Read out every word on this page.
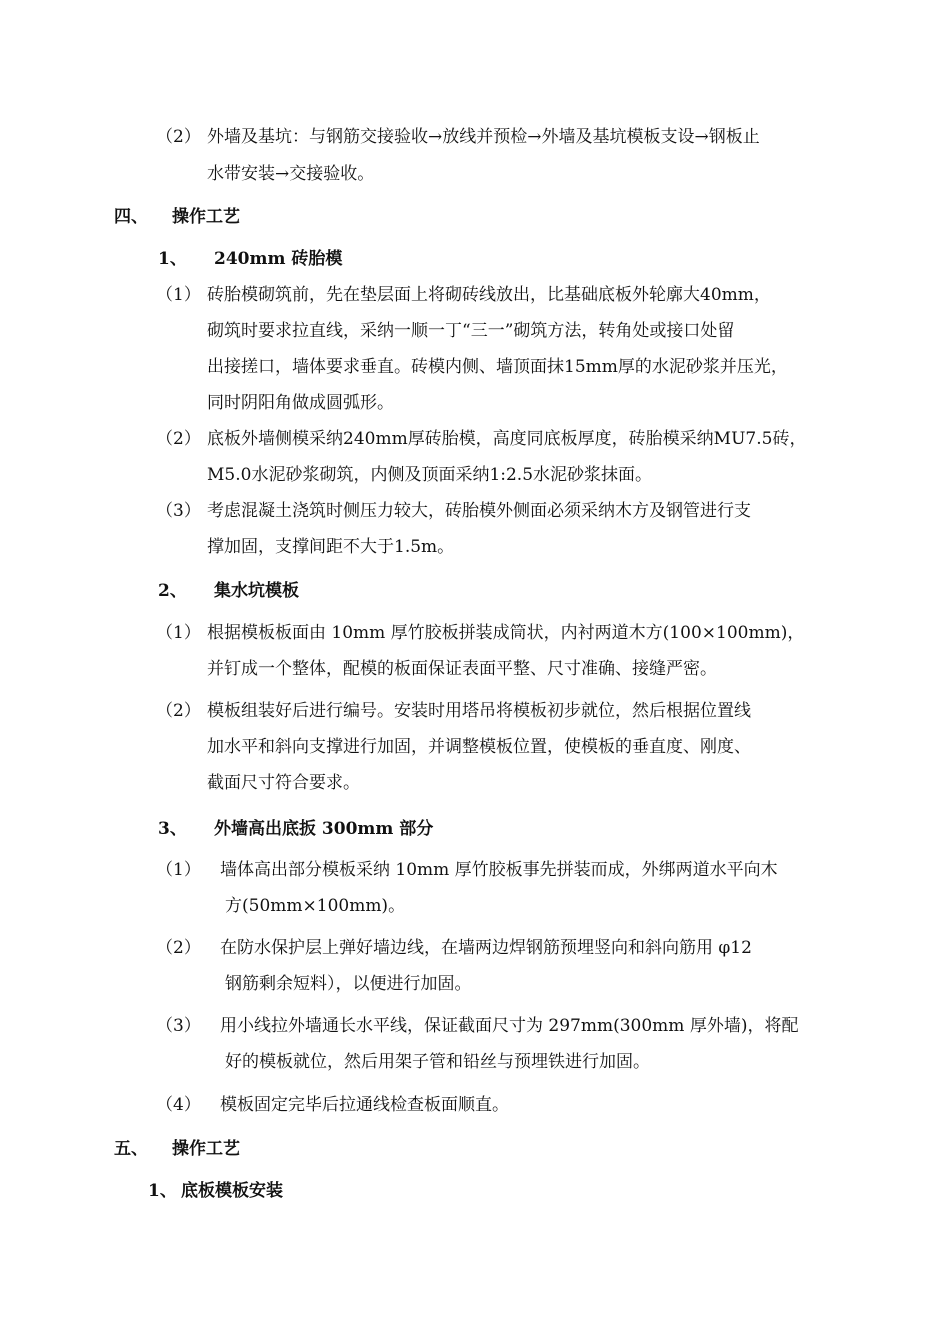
（2） 外墙及基坑：与钢筋交接验收→放线并预检→外墙及基坑模板支设→钢板止
水带安装→交接验收。
四、 操作工艺
1、 240mm 砖胎模
（1） 砖胎模砌筑前，先在垫层面上将砌砖线放出，比基础底板外轮廓大40mm，
砌筑时要求拉直线，采纳一顺一丁“三一”砌筑方法，转角处或接口处留
出接搓口，墙体要求垂直。砖模内侧、墙顶面抹15mm厚的水泥砂浆并压光，
同时阴阳角做成圆弧形。
（2） 底板外墙侧模采纳240mm厚砖胎模，高度同底板厚度，砖胎模采纳MU7.5砖，
M5.0水泥砂浆砌筑，内侧及顶面采纳1:2.5水泥砂浆抹面。
（3） 考虑混凝土浇筑时侧压力较大，砖胎模外侧面必须采纳木方及钢管进行支
撑加固，支撑间距不大于1.5m。
2、 集水坑模板
（1） 根据模板板面由 10mm 厚竹胶板拼装成筒状，内衬两道木方(100×100mm)，
并钉成一个整体，配模的板面保证表面平整、尺寸准确、接缝严密。
（2） 模板组装好后进行编号。安装时用塔吊将模板初步就位，然后根据位置线
加水平和斜向支撑进行加固，并调整模板位置，使模板的垂直度、刚度、
截面尺寸符合要求。
3、 外墙高出底扳 300mm 部分
（1） 墙体高出部分模板采纳 10mm 厚竹胶板事先拼装而成，外绑两道水平向木
方(50mm×100mm)。
（2） 在防水保护层上弹好墙边线，在墙两边焊钢筋预埋竖向和斜向筋用 φ12
钢筋剩余短料），以便进行加固。
（3） 用小线拉外墙通长水平线，保证截面尺寸为 297mm(300mm 厚外墙)，将配
好的模板就位，然后用架子管和铅丝与预埋铁进行加固。
（4） 模板固定完毕后拉通线检查板面顺直。
五、 操作工艺
1、 底板模板安装
